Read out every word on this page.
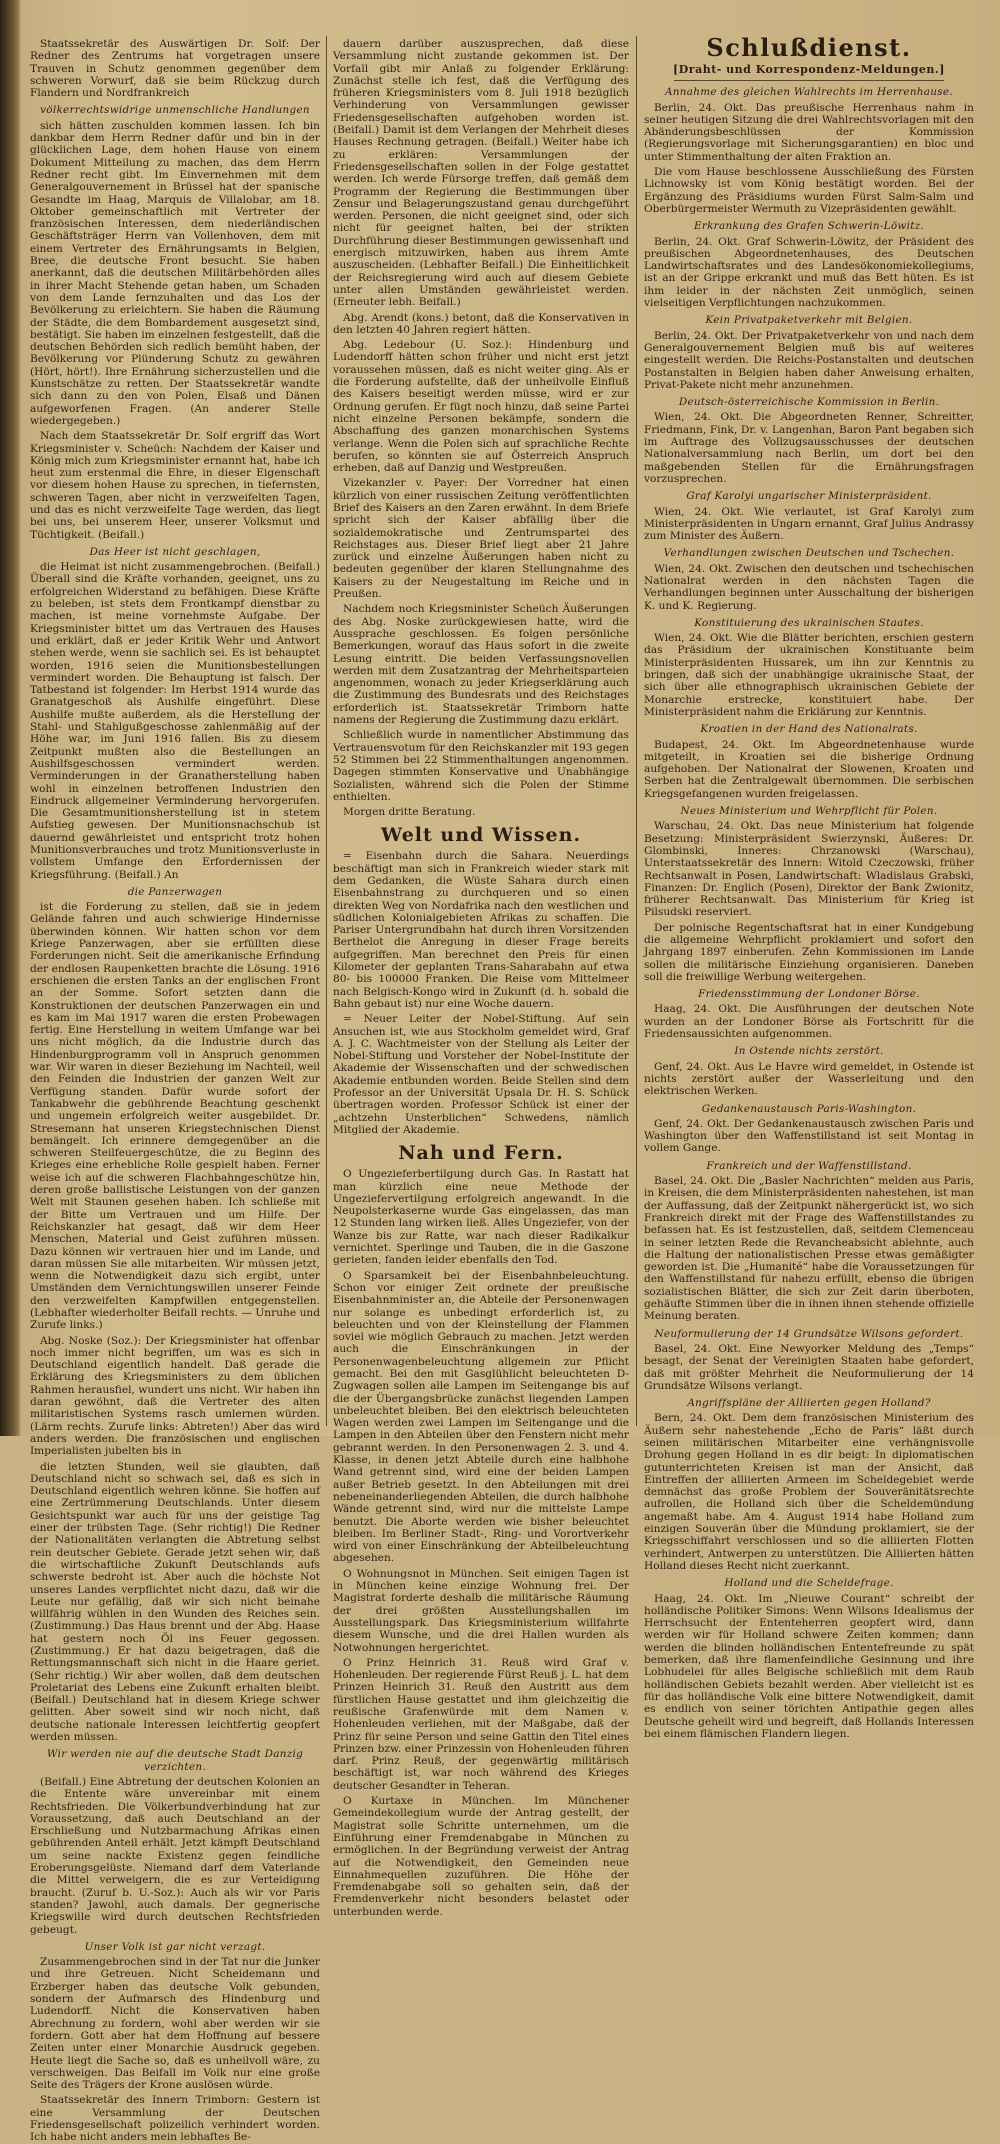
Staatssekretär des Auswärtigen Dr. Solf: Der Redner des Zentrums hat vorgetragen unsere Trauven in Schutz genommen gegenüber dem schweren Vorwurf, daß sie beim Rückzug durch Flandern und Nordfrankreich

völkerrechtswidrige unmenschliche Handlungen

sich hätten zuschulden kommen lassen. Ich bin dankbar dem Herrn Redner dafür und bin in der glücklichen Lage, dem hohen Hause von einem Dokument Mitteilung zu machen, das dem Herrn Redner recht gibt. Im Einvernehmen mit dem Generalgouvernement in Brüssel hat der spanische Gesandte im Haag, Marquis de Villalobar, am 18. Oktober gemeinschaftlich mit Vertreter der französischen Interessen, dem niederländischen Geschäftsträger Herrn van Vollenhoven, dem mit einem Vertreter des Ernährungsamts in Belgien, Bree, die deutsche Front besucht. Sie haben anerkannt, daß die deutschen Militärbehörden alles in ihrer Macht Stehende getan haben, um Schaden von dem Lande fernzuhalten und das Los der Bevölkerung zu erleichtern. Sie haben die Räumung der Städte, die dem Bombardement ausgesetzt sind, bestätigt. Sie haben im einzelnen festgestellt, daß die deutschen Behörden sich redlich bemüht haben, der Bevölkerung vor Plünderung Schutz zu gewähren (Hört, hört!). Ihre Ernährung sicherzustellen und die Kunstschätze zu retten. Der Staatssekretär wandte sich dann zu den von Polen, Elsaß und Dänen aufgeworfenen Fragen. (An anderer Stelle wiedergegeben.)

Nach dem Staatssekretär Dr. Solf ergriff das Wort Kriegsminister v. Scheüch: Nachdem der Kaiser und König mich zum Kriegsminister ernannt hat, habe ich heut zum erstenmal die Ehre, in dieser Eigenschaft vor diesem hohen Hause zu sprechen, in tiefernsten, schweren Tagen, aber nicht in verzweifelten Tagen, und das es nicht verzweifelte Tage werden, das liegt bei uns, bei unserem Heer, unserer Volksmut und Tüchtigkeit. (Beifall.)

Das Heer ist nicht geschlagen,

die Heimat ist nicht zusammengebrochen. (Beifall.) Überall sind die Kräfte vorhanden, geeignet, uns zu erfolgreichen Widerstand zu befähigen. Diese Kräfte zu beleben, ist stets dem Frontkampf dienstbar zu machen, ist meine vornehmste Aufgabe. Der Kriegsminister bittet um das Vertrauen des Hauses und erklärt, daß er jeder Kritik Wehr und Antwort stehen werde, wenn sie sachlich sei. Es ist behauptet worden, 1916 seien die Munitionsbestellungen vermindert worden. Die Behauptung ist falsch. Der Tatbestand ist folgender: Im Herbst 1914 wurde das Granatgeschoß als Aushilfe eingeführt. Diese Aushilfe mußte außerdem, als die Herstellung der Stahl- und Stahlgußgeschosse zahlenmäßig auf der Höhe war, im Juni 1916 fallen. Bis zu diesem Zeitpunkt mußten also die Bestellungen an Aushilfsgeschossen vermindert werden. Verminderungen in der Granatherstellung haben wohl in einzelnen betroffenen Industrien den Eindruck allgemeiner Verminderung hervorgerufen. Die Gesamtmunitionsherstellung ist in stetem Aufstieg gewesen. Der Munitionsnachschub ist dauernd gewährleistet und entspricht trotz hohen Munitionsverbrauches und trotz Munitionsverluste in vollstem Umfange den Erfordernissen der Kriegsführung. (Beifall.) An

die Panzerwagen

ist die Forderung zu stellen, daß sie in jedem Gelände fahren und auch schwierige Hindernisse überwinden können. Wir hatten schon vor dem Kriege Panzerwagen, aber sie erfüllten diese Forderungen nicht. Seit die amerikanische Erfindung der endlosen Raupenketten brachte die Lösung. 1916 erschienen die ersten Tanks an der englischen Front an der Somme. Sofort setzten dann die Konstruktionen der deutschen Panzerwagen ein und es kam im Mai 1917 waren die ersten Probewagen fertig. Eine Herstellung in weitem Umfange war bei uns nicht möglich, da die Industrie durch das Hindenburgprogramm voll in Anspruch genommen war. Wir waren in dieser Beziehung im Nachteil, weil den Feinden die Industrien der ganzen Welt zur Verfügung standen. Dafür wurde sofort der Tankabwehr die gebührende Beachtung geschenkt und ungemein erfolgreich weiter ausgebildet. Dr. Stresemann hat unseren Kriegstechnischen Dienst bemängelt. Ich erinnere demgegenüber an die schweren Steilfeuergeschütze, die zu Beginn des Krieges eine erhebliche Rolle gespielt haben. Ferner weise ich auf die schweren Flachbahngeschütze hin, deren große ballistische Leistungen von der ganzen Welt mit Staunen gesehen haben. Ich schließe mit der Bitte um Vertrauen und um Hilfe. Der Reichskanzler hat gesagt, daß wir dem Heer Menschen, Material und Geist zuführen müssen. Dazu können wir vertrauen hier und im Lande, und daran müssen Sie alle mitarbeiten. Wir müssen jetzt, wenn die Notwendigkeit dazu sich ergibt, unter Umständen dem Vernichtungswillen unserer Feinde den verzweifelten Kampfwillen entgegenstellen. (Lebhafter wiederholter Beifall rechts. — Unruhe und Zurufe links.)

Abg. Noske (Soz.): Der Kriegsminister hat offenbar noch immer nicht begriffen, um was es sich in Deutschland eigentlich handelt. Daß gerade die Erklärung des Kriegsministers zu dem üblichen Rahmen herausfiel, wundert uns nicht. Wir haben ihn daran gewöhnt, daß die Vertreter des alten militaristischen Systems rasch umlernen würden. (Lärm rechts. Zurufe links: Abtreten!) Aber das wird anders werden. Die französischen und englischen Imperialisten jubelten bis in

die letzten Stunden, weil sie glaubten, daß Deutschland nicht so schwach sei, daß es sich in Deutschland eigentlich wehren könne. Sie hoffen auf eine Zertrümmerung Deutschlands. Unter diesem Gesichtspunkt war auch für uns der geistige Tag einer der trübsten Tage. (Sehr richtig!) Die Redner der Nationalitäten verlangten die Abtretung selbst rein deutscher Gebiete. Gerade jetzt sehen wir, daß die wirtschaftliche Zukunft Deutschlands aufs schwerste bedroht ist. Aber auch die höchste Not unseres Landes verpflichtet nicht dazu, daß wir die Leute nur gefällig, daß wir sich nicht beinahe willfährig wühlen in den Wunden des Reiches sein. (Zustimmung.) Das Haus brennt und der Abg. Haase hat gestern noch Öl ins Feuer gegossen. (Zustimmung.) Er hat dazu beigetragen, daß die Rettungsmannschaft sich nicht in die Haare geriet. (Sehr richtig.) Wir aber wollen, daß dem deutschen Proletariat des Lebens eine Zukunft erhalten bleibt. (Beifall.) Deutschland hat in diesem Kriege schwer gelitten. Aber soweit sind wir noch nicht, daß deutsche nationale Interessen leichtfertig geopfert werden müssen.

Wir werden nie auf die deutsche Stadt Danzig verzichten.

(Beifall.) Eine Abtretung der deutschen Kolonien an die Entente wäre unvereinbar mit einem Rechtsfrieden. Die Völkerbundverbindung hat zur Voraussetzung, daß auch Deutschland an der Erschließung und Nutzbarmachung Afrikas einen gebührenden Anteil erhält. Jetzt kämpft Deutschland um seine nackte Existenz gegen feindliche Eroberungsgelüste. Niemand darf dem Vaterlande die Mittel verweigern, die es zur Verteidigung braucht. (Zuruf b. U.-Soz.): Auch als wir vor Paris standen? Jawohl, auch damals. Der gegnerische Kriegswille wird durch deutschen Rechtsfrieden gebeugt.

Unser Volk ist gar nicht verzagt.

Zusammengebrochen sind in der Tat nur die Junker und ihre Getreuen. Nicht Scheidemann und Erzberger haben das deutsche Volk gebunden, sondern der Aufmarsch des Hindenburg und Ludendorff. Nicht die Konservativen haben Abrechnung zu fordern, wohl aber werden wir sie fordern. Gott aber hat dem Hoffnung auf bessere Zeiten unter einer Monarchie Ausdruck gegeben. Heute liegt die Sache so, daß es unheilvoll wäre, zu verschweigen. Das Beifall im Volk nur eine große Seite des Trägers der Krone auslösen würde.

Staatssekretär des Innern Trimborn: Gestern ist eine Versammlung der Deutschen Friedensgesellschaft polizeilich verhindert worden. Ich habe nicht anders mein lebhaftes Be-

dauern darüber auszusprechen, daß diese Versammlung nicht zustande gekommen ist. Der Vorfall gibt mir Anlaß zu folgender Erklärung: Zunächst stelle ich fest, daß die Verfügung des früheren Kriegsministers vom 8. Juli 1918 bezüglich Verhinderung von Versammlungen gewisser Friedensgesellschaften aufgehoben worden ist. (Beifall.) Damit ist dem Verlangen der Mehrheit dieses Hauses Rechnung getragen. (Beifall.) Weiter habe ich zu erklären: Versammlungen der Friedensgesellschaften sollen in der Folge gestattet werden. Ich werde Fürsorge treffen, daß gemäß dem Programm der Regierung die Bestimmungen über Zensur und Belagerungszustand genau durchgeführt werden. Personen, die nicht geeignet sind, oder sich nicht für geeignet halten, bei der strikten Durchführung dieser Bestimmungen gewissenhaft und energisch mitzuwirken, haben aus ihrem Amte auszuscheiden. (Lebhafter Beifall.) Die Einheitlichkeit der Reichsregierung wird auch auf diesem Gebiete unter allen Umständen gewährleistet werden. (Erneuter lebh. Beifall.)

Abg. Arendt (kons.) betont, daß die Konservativen in den letzten 40 Jahren regiert hätten.

Abg. Ledebour (U. Soz.): Hindenburg und Ludendorff hätten schon früher und nicht erst jetzt voraussehen müssen, daß es nicht weiter ging. Als er die Forderung aufstellte, daß der unheilvolle Einfluß des Kaisers beseitigt werden müsse, wird er zur Ordnung gerufen. Er fügt noch hinzu, daß seine Partei nicht einzelne Personen bekämpfe, sondern die Abschaffung des ganzen monarchischen Systems verlange. Wenn die Polen sich auf sprachliche Rechte berufen, so könnten sie auf Österreich Anspruch erheben, daß auf Danzig und Westpreußen.

Vizekanzler v. Payer: Der Vorredner hat einen kürzlich von einer russischen Zeitung veröffentlichten Brief des Kaisers an den Zaren erwähnt. In dem Briefe spricht sich der Kaiser abfällig über die sozialdemokratische und Zentrumspartei des Reichstages aus. Dieser Brief liegt aber 21 Jahre zurück und einzelne Äußerungen haben nicht zu bedeuten gegenüber der klaren Stellungnahme des Kaisers zu der Neugestaltung im Reiche und in Preußen.

Nachdem noch Kriegsminister Scheüch Äußerungen des Abg. Noske zurückgewiesen hatte, wird die Aussprache geschlossen. Es folgen persönliche Bemerkungen, worauf das Haus sofort in die zweite Lesung eintritt. Die beiden Verfassungsnovellen werden mit dem Zusatzantrag der Mehrheitsparteien angenommen, wonach zu jeder Kriegserklärung auch die Zustimmung des Bundesrats und des Reichstages erforderlich ist. Staatssekretär Trimborn hatte namens der Regierung die Zustimmung dazu erklärt.

Schließlich wurde in namentlicher Abstimmung das Vertrauensvotum für den Reichskanzler mit 193 gegen 52 Stimmen bei 22 Stimmenthaltungen angenommen. Dagegen stimmten Konservative und Unabhängige Sozialisten, während sich die Polen der Stimme enthielten.

Morgen dritte Beratung.

Welt und Wissen.

= Eisenbahn durch die Sahara. Neuerdings beschäftigt man sich in Frankreich wieder stark mit dem Gedanken, die Wüste Sahara durch einen Eisenbahnstrang zu durchqueren und so einen direkten Weg von Nordafrika nach den westlichen und südlichen Kolonialgebieten Afrikas zu schaffen. Die Pariser Untergrundbahn hat durch ihren Vorsitzenden Berthelot die Anregung in dieser Frage bereits aufgegriffen. Man berechnet den Preis für einen Kilometer der geplanten Trans-Saharabahn auf etwa 80- bis 100000 Franken. Die Reise vom Mittelmeer nach Belgisch-Kongo wird in Zukunft (d. h. sobald die Bahn gebaut ist) nur eine Woche dauern.

= Neuer Leiter der Nobel-Stiftung. Auf sein Ansuchen ist, wie aus Stockholm gemeldet wird, Graf A. J. C. Wachtmeister von der Stellung als Leiter der Nobel-Stiftung und Vorsteher der Nobel-Institute der Akademie der Wissenschaften und der schwedischen Akademie entbunden worden. Beide Stellen sind dem Professor an der Universität Upsala Dr. H. S. Schück übertragen worden. Professor Schück ist einer der „achtzehn Unsterblichen“ Schwedens, nämlich Mitglied der Akademie.

Nah und Fern.

O Ungezieferbertilgung durch Gas. In Rastatt hat man kürzlich eine neue Methode der Ungeziefervertilgung erfolgreich angewandt. In die Neupolsterkaserne wurde Gas eingelassen, das man 12 Stunden lang wirken ließ. Alles Ungeziefer, von der Wanze bis zur Ratte, war nach dieser Radikalkur vernichtet. Sperlinge und Tauben, die in die Gaszone gerieten, fanden leider ebenfalls den Tod.

O Sparsamkeit bei der Eisenbahnbeleuchtung. Schon vor einiger Zeit ordnete der preußische Eisenbahnminister an, die Abteile der Personenwagen nur solange es unbedingt erforderlich ist, zu beleuchten und von der Kleinstellung der Flammen soviel wie möglich Gebrauch zu machen. Jetzt werden auch die Einschränkungen in der Personenwagenbeleuchtung allgemein zur Pflicht gemacht. Bei den mit Gasglühlicht beleuchteten D-Zugwagen sollen alle Lampen im Seitengange bis auf die der Übergangsbrücke zunächst liegenden Lampen unbeleuchtet bleiben. Bei den elektrisch beleuchteten Wagen werden zwei Lampen im Seitengange und die Lampen in den Abteilen über den Fenstern nicht mehr gebrannt werden. In den Personenwagen 2. 3. und 4. Klasse, in denen jetzt Abteile durch eine halbhohe Wand getrennt sind, wird eine der beiden Lampen außer Betrieb gesetzt. In den Abteilungen mit drei nebeneinanderliegenden Abteilen, die durch halbhohe Wände getrennt sind, wird nur die mittelste Lampe benutzt. Die Aborte werden wie bisher beleuchtet bleiben. Im Berliner Stadt-, Ring- und Vorortverkehr wird von einer Einschränkung der Abteilbeleuchtung abgesehen.

O Wohnungsnot in München. Seit einigen Tagen ist in München keine einzige Wohnung frei. Der Magistrat forderte deshalb die militärische Räumung der drei größten Ausstellungshallen im Ausstellungspark. Das Kriegsministerium willfahrte diesem Wunsche, und die drei Hallen wurden als Notwohnungen hergerichtet.

O Prinz Heinrich 31. Reuß wird Graf v. Hohenleuden. Der regierende Fürst Reuß j. L. hat dem Prinzen Heinrich 31. Reuß den Austritt aus dem fürstlichen Hause gestattet und ihm gleichzeitig die reußische Grafenwürde mit dem Namen v. Hohenleuden verliehen, mit der Maßgabe, daß der Prinz für seine Person und seine Gattin den Titel eines Prinzen bzw. einer Prinzessin von Hohenleuden führen darf. Prinz Reuß, der gegenwärtig militärisch beschäftigt ist, war noch während des Krieges deutscher Gesandter in Teheran.

O Kurtaxe in München. Im Münchener Gemeindekollegium wurde der Antrag gestellt, der Magistrat solle Schritte unternehmen, um die Einführung einer Fremdenabgabe in München zu ermöglichen. In der Begründung verweist der Antrag auf die Notwendigkeit, den Gemeinden neue Einnahmequellen zuzuführen. Die Höhe der Fremdenabgabe soll so gehalten sein, daß der Fremdenverkehr nicht besonders belastet oder unterbunden werde.

Schlußdienst.
[Draht- und Korrespondenz-Meldungen.]
Annahme des gleichen Wahlrechts im Herrenhause.

Berlin, 24. Okt. Das preußische Herrenhaus nahm in seiner heutigen Sitzung die drei Wahlrechtsvorlagen mit den Abänderungsbeschlüssen der Kommission (Regierungsvorlage mit Sicherungsgarantien) en bloc und unter Stimmenthaltung der alten Fraktion an.

Die vom Hause beschlossene Ausschließung des Fürsten Lichnowsky ist vom König bestätigt worden. Bei der Ergänzung des Präsidiums wurden Fürst Salm-Salm und Oberbürgermeister Wermuth zu Vizepräsidenten gewählt.

Erkrankung des Grafen Schwerin-Löwitz.

Berlin, 24. Okt. Graf Schwerin-Löwitz, der Präsident des preußischen Abgeordnetenhauses, des Deutschen Landwirtschaftsrates und des Landesökonomiekollegiums, ist an der Grippe erkrankt und muß das Bett hüten. Es ist ihm leider in der nächsten Zeit unmöglich, seinen vielseitigen Verpflichtungen nachzukommen.

Kein Privatpaketverkehr mit Belgien.

Berlin, 24. Okt. Der Privatpaketverkehr von und nach dem Generalgouvernement Belgien muß bis auf weiteres eingestellt werden. Die Reichs-Postanstalten und deutschen Postanstalten in Belgien haben daher Anweisung erhalten, Privat-Pakete nicht mehr anzunehmen.

Deutsch-österreichische Kommission in Berlin.

Wien, 24. Okt. Die Abgeordneten Renner, Schreitter, Friedmann, Fink, Dr. v. Langenhan, Baron Pant begaben sich im Auftrage des Vollzugsausschusses der deutschen Nationalversammlung nach Berlin, um dort bei den maßgebenden Stellen für die Ernährungsfragen vorzusprechen.

Graf Karolyi ungarischer Ministerpräsident.

Wien, 24. Okt. Wie verlautet, ist Graf Karolyi zum Ministerpräsidenten in Ungarn ernannt, Graf Julius Andrassy zum Minister des Äußern.

Verhandlungen zwischen Deutschen und Tschechen.

Wien, 24. Okt. Zwischen den deutschen und tschechischen Nationalrat werden in den nächsten Tagen die Verhandlungen beginnen unter Ausschaltung der bisherigen K. und K. Regierung.

Konstituierung des ukrainischen Staates.

Wien, 24. Okt. Wie die Blätter berichten, erschien gestern das Präsidium der ukrainischen Konstituante beim Ministerpräsidenten Hussarek, um ihn zur Kenntnis zu bringen, daß sich der unabhängige ukrainische Staat, der sich über alle ethnographisch ukrainischen Gebiete der Monarchie erstrecke, konstituiert habe. Der Ministerpräsident nahm die Erklärung zur Kenntnis.

Kroatien in der Hand des Nationalrats.

Budapest, 24. Okt. Im Abgeordnetenhause wurde mitgeteilt, in Kroatien sei die bisherige Ordnung aufgehoben. Der Nationalrat der Slowenen, Kroaten und Serben hat die Zentralgewalt übernommen. Die serbischen Kriegsgefangenen wurden freigelassen.

Neues Ministerium und Wehrpflicht für Polen.

Warschau, 24. Okt. Das neue Ministerium hat folgende Besetzung: Ministerpräsident Swierzynski, Äußeres: Dr. Glombinski, Inneres: Chrzanowski (Warschau), Unterstaatssekretär des Innern: Witold Czeczowski, früher Rechtsanwalt in Posen, Landwirtschaft: Wladislaus Grabski, Finanzen: Dr. Englich (Posen), Direktor der Bank Zwionitz, früherer Rechtsanwalt. Das Ministerium für Krieg ist Pilsudski reserviert.

Der polnische Regentschaftsrat hat in einer Kundgebung die allgemeine Wehrpflicht proklamiert und sofort den Jahrgang 1897 einberufen. Zehn Kommissionen im Lande sollen die militärische Einziehung organisieren. Daneben soll die freiwillige Werbung weitergehen.

Friedensstimmung der Londoner Börse.

Haag, 24. Okt. Die Ausführungen der deutschen Note wurden an der Londoner Börse als Fortschritt für die Friedensaussichten aufgenommen.

In Ostende nichts zerstört.

Genf, 24. Okt. Aus Le Havre wird gemeldet, in Ostende ist nichts zerstört außer der Wasserleitung und den elektrischen Werken.

Gedankenaustausch Paris-Washington.

Genf, 24. Okt. Der Gedankenaustausch zwischen Paris und Washington über den Waffenstillstand ist seit Montag in vollem Gange.

Frankreich und der Waffenstillstand.

Basel, 24. Okt. Die „Basler Nachrichten“ melden aus Paris, in Kreisen, die dem Ministerpräsidenten nahestehen, ist man der Auffassung, daß der Zeitpunkt nähergerückt ist, wo sich Frankreich direkt mit der Frage des Waffenstillstandes zu befassen hat. Es ist festzustellen, daß, seitdem Clemenceau in seiner letzten Rede die Revancheabsicht ablehnte, auch die Haltung der nationalistischen Presse etwas gemäßigter geworden ist. Die „Humanité“ habe die Voraussetzungen für den Waffenstillstand für nahezu erfüllt, ebenso die übrigen sozialistischen Blätter, die sich zur Zeit darin überboten, gehäufte Stimmen über die in ihnen ihnen stehende offizielle Meinung beraten.

Neuformulierung der 14 Grundsätze Wilsons gefordert.

Basel, 24. Okt. Eine Newyorker Meldung des „Temps“ besagt, der Senat der Vereinigten Staaten habe gefordert, daß mit größter Mehrheit die Neuformulierung der 14 Grundsätze Wilsons verlangt.

Angriffspläne der Alliierten gegen Holland?

Bern, 24. Okt. Dem dem französischen Ministerium des Äußern sehr nahestehende „Echo de Paris“ läßt durch seinen militärischen Mitarbeiter eine verhängnisvolle Drohung gegen Holland in es dir beigt: In diplomatischen gutunterrichteten Kreisen ist man der Ansicht, daß Eintreffen der alliierten Armeen im Scheldegebiet werde demnächst das große Problem der Souveränitätsrechte aufrollen, die Holland sich über die Scheldemündung angemaßt habe. Am 4. August 1914 habe Holland zum einzigen Souverän über die Mündung proklamiert, sie der Kriegsschiffahrt verschlossen und so die alliierten Flotten verhindert, Antwerpen zu unterstützen. Die Alliierten hätten Holland dieses Recht nicht zuerkannt.

Holland und die Scheldefrage.

Haag, 24. Okt. Im „Nieuwe Courant“ schreibt der holländische Politiker Simons: Wenn Wilsons Idealismus der Herrschsucht der Ententeherren geopfert wird, dann werden wir für Holland schwere Zeiten kommen; dann werden die blinden holländischen Ententefreunde zu spät bemerken, daß ihre flamenfeindliche Gesinnung und ihre Lobhudelei für alles Belgische schließlich mit dem Raub holländischen Gebiets bezahlt werden. Aber vielleicht ist es für das holländische Volk eine bittere Notwendigkeit, damit es endlich von seiner törichten Antipathie gegen alles Deutsche geheilt wird und begreift, daß Hollands Interessen bei einem flämischen Flandern liegen.
